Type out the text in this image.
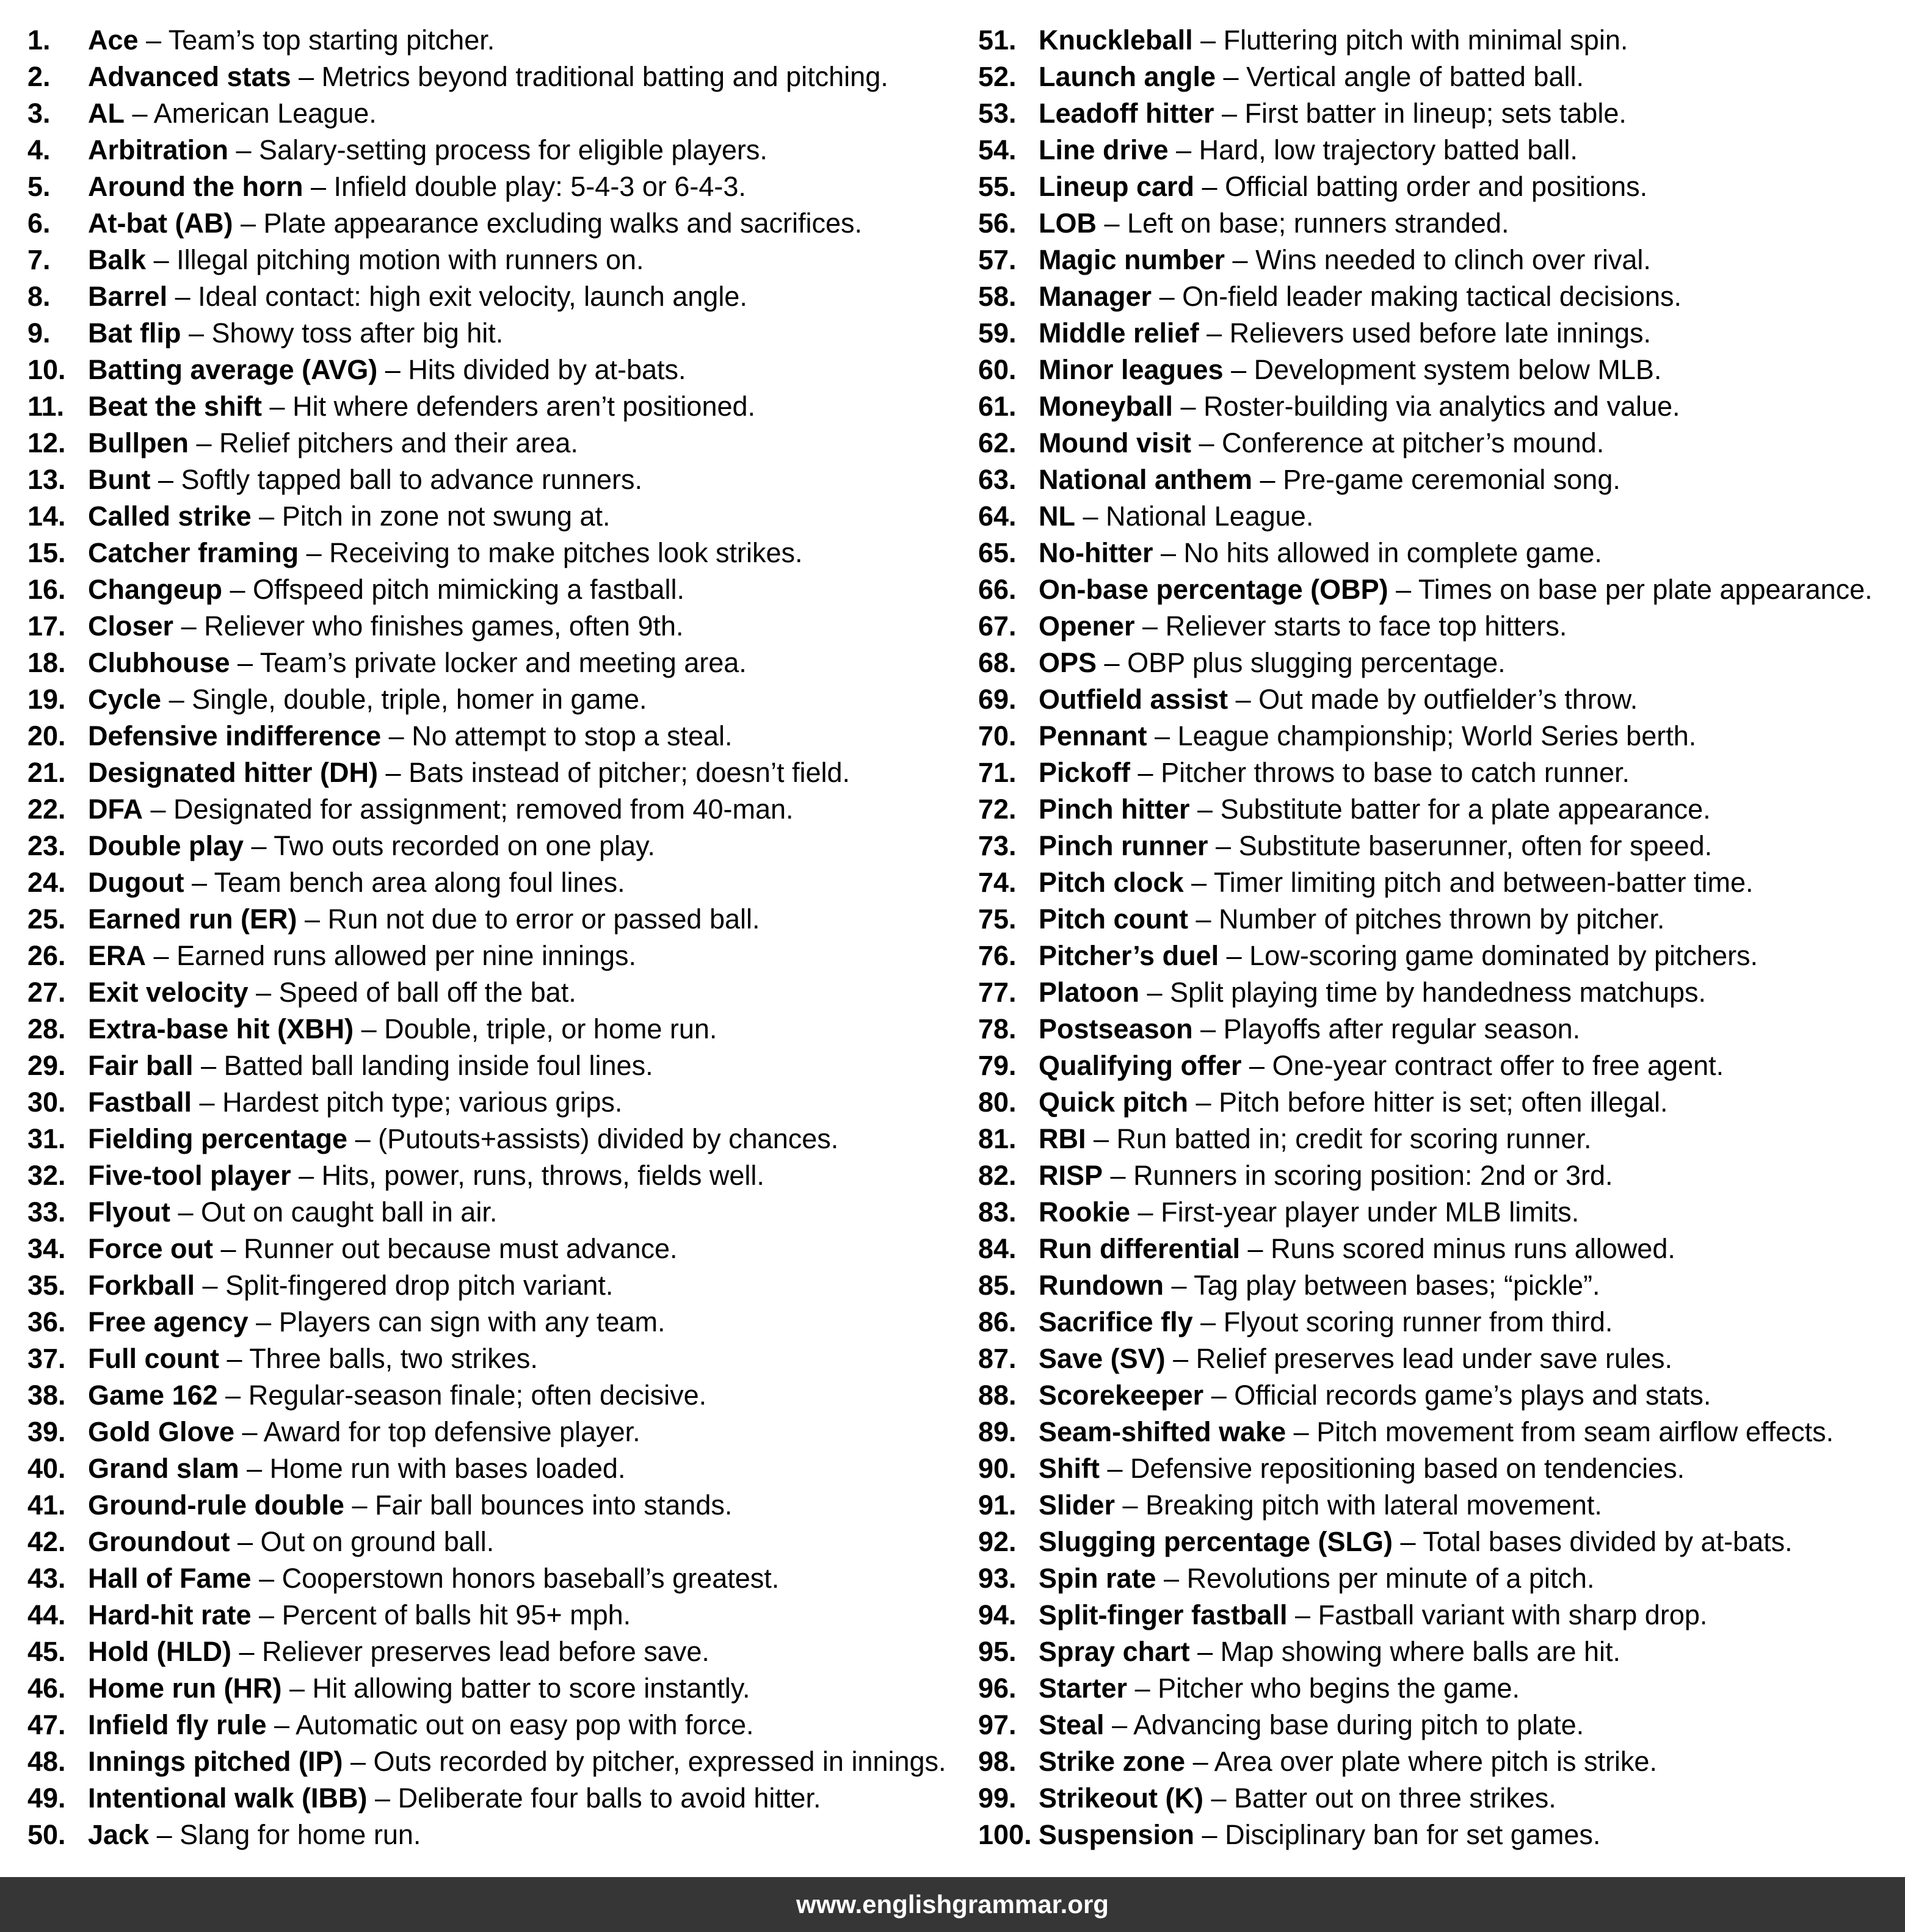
1. Ace – Team’s top starting pitcher.
2. Advanced stats – Metrics beyond traditional batting and pitching.
3. AL – American League.
4. Arbitration – Salary-setting process for eligible players.
5. Around the horn – Infield double play: 5-4-3 or 6-4-3.
6. At-bat (AB) – Plate appearance excluding walks and sacrifices.
7. Balk – Illegal pitching motion with runners on.
8. Barrel – Ideal contact: high exit velocity, launch angle.
9. Bat flip – Showy toss after big hit.
10. Batting average (AVG) – Hits divided by at-bats.
11. Beat the shift – Hit where defenders aren’t positioned.
12. Bullpen – Relief pitchers and their area.
13. Bunt – Softly tapped ball to advance runners.
14. Called strike – Pitch in zone not swung at.
15. Catcher framing – Receiving to make pitches look strikes.
16. Changeup – Offspeed pitch mimicking a fastball.
17. Closer – Reliever who finishes games, often 9th.
18. Clubhouse – Team’s private locker and meeting area.
19. Cycle – Single, double, triple, homer in game.
20. Defensive indifference – No attempt to stop a steal.
21. Designated hitter (DH) – Bats instead of pitcher; doesn’t field.
22. DFA – Designated for assignment; removed from 40-man.
23. Double play – Two outs recorded on one play.
24. Dugout – Team bench area along foul lines.
25. Earned run (ER) – Run not due to error or passed ball.
26. ERA – Earned runs allowed per nine innings.
27. Exit velocity – Speed of ball off the bat.
28. Extra-base hit (XBH) – Double, triple, or home run.
29. Fair ball – Batted ball landing inside foul lines.
30. Fastball – Hardest pitch type; various grips.
31. Fielding percentage – (Putouts+assists) divided by chances.
32. Five-tool player – Hits, power, runs, throws, fields well.
33. Flyout – Out on caught ball in air.
34. Force out – Runner out because must advance.
35. Forkball – Split-fingered drop pitch variant.
36. Free agency – Players can sign with any team.
37. Full count – Three balls, two strikes.
38. Game 162 – Regular-season finale; often decisive.
39. Gold Glove – Award for top defensive player.
40. Grand slam – Home run with bases loaded.
41. Ground-rule double – Fair ball bounces into stands.
42. Groundout – Out on ground ball.
43. Hall of Fame – Cooperstown honors baseball’s greatest.
44. Hard-hit rate – Percent of balls hit 95+ mph.
45. Hold (HLD) – Reliever preserves lead before save.
46. Home run (HR) – Hit allowing batter to score instantly.
47. Infield fly rule – Automatic out on easy pop with force.
48. Innings pitched (IP) – Outs recorded by pitcher, expressed in innings.
49. Intentional walk (IBB) – Deliberate four balls to avoid hitter.
50. Jack – Slang for home run.
51. Knuckleball – Fluttering pitch with minimal spin.
52. Launch angle – Vertical angle of batted ball.
53. Leadoff hitter – First batter in lineup; sets table.
54. Line drive – Hard, low trajectory batted ball.
55. Lineup card – Official batting order and positions.
56. LOB – Left on base; runners stranded.
57. Magic number – Wins needed to clinch over rival.
58. Manager – On-field leader making tactical decisions.
59. Middle relief – Relievers used before late innings.
60. Minor leagues – Development system below MLB.
61. Moneyball – Roster-building via analytics and value.
62. Mound visit – Conference at pitcher’s mound.
63. National anthem – Pre-game ceremonial song.
64. NL – National League.
65. No-hitter – No hits allowed in complete game.
66. On-base percentage (OBP) – Times on base per plate appearance.
67. Opener – Reliever starts to face top hitters.
68. OPS – OBP plus slugging percentage.
69. Outfield assist – Out made by outfielder’s throw.
70. Pennant – League championship; World Series berth.
71. Pickoff – Pitcher throws to base to catch runner.
72. Pinch hitter – Substitute batter for a plate appearance.
73. Pinch runner – Substitute baserunner, often for speed.
74. Pitch clock – Timer limiting pitch and between-batter time.
75. Pitch count – Number of pitches thrown by pitcher.
76. Pitcher’s duel – Low-scoring game dominated by pitchers.
77. Platoon – Split playing time by handedness matchups.
78. Postseason – Playoffs after regular season.
79. Qualifying offer – One-year contract offer to free agent.
80. Quick pitch – Pitch before hitter is set; often illegal.
81. RBI – Run batted in; credit for scoring runner.
82. RISP – Runners in scoring position: 2nd or 3rd.
83. Rookie – First-year player under MLB limits.
84. Run differential – Runs scored minus runs allowed.
85. Rundown – Tag play between bases; “pickle”.
86. Sacrifice fly – Flyout scoring runner from third.
87. Save (SV) – Relief preserves lead under save rules.
88. Scorekeeper – Official records game’s plays and stats.
89. Seam-shifted wake – Pitch movement from seam airflow effects.
90. Shift – Defensive repositioning based on tendencies.
91. Slider – Breaking pitch with lateral movement.
92. Slugging percentage (SLG) – Total bases divided by at-bats.
93. Spin rate – Revolutions per minute of a pitch.
94. Split-finger fastball – Fastball variant with sharp drop.
95. Spray chart – Map showing where balls are hit.
96. Starter – Pitcher who begins the game.
97. Steal – Advancing base during pitch to plate.
98. Strike zone – Area over plate where pitch is strike.
99. Strikeout (K) – Batter out on three strikes.
100. Suspension – Disciplinary ban for set games.
www.englishgrammar.org
